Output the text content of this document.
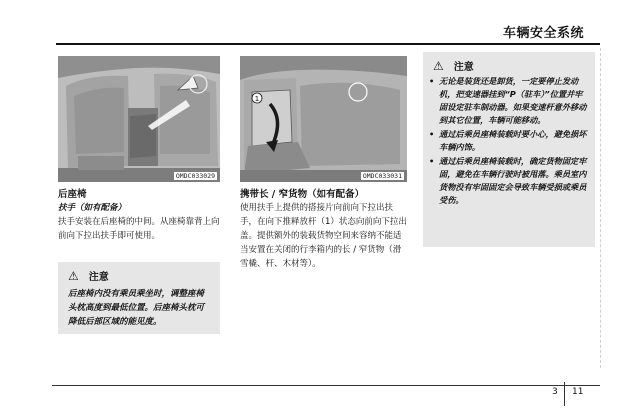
车辆安全系统
OMDC033029
1
OMDC033031
后座椅
扶手（如有配备）
扶手安装在后座椅的中间。从座椅靠背上向前向下拉出扶手即可使用。
⚠ 注意
后座椅内没有乘员乘坐时，调整座椅头枕高度到最低位置。后座椅头枕可降低后部区域的能见度。
携带长 / 窄货物（如有配备）
使用扶手上提供的搭接片向前向下拉出扶手，在向下推释放杆（1）状态向前向下拉出盖。提供额外的装载货物空间来容纳不能适当安置在关闭的行李箱内的长 / 窄货物（滑雪橇、杆、木材等）。
⚠ 注意
• 无论是装货还是卸货，一定要停止发动机，把变速器挂到“P（驻车）”位置并牢固设定驻车制动器。如果变速杆意外移动到其它位置，车辆可能移动。
• 通过后乘员座椅装载时要小心，避免损坏车辆内饰。
• 通过后乘员座椅装载时，确定货物固定牢固，避免在车辆行驶时被甩落。乘员室内货物没有牢固固定会导致车辆受损或乘员受伤。
3 11
